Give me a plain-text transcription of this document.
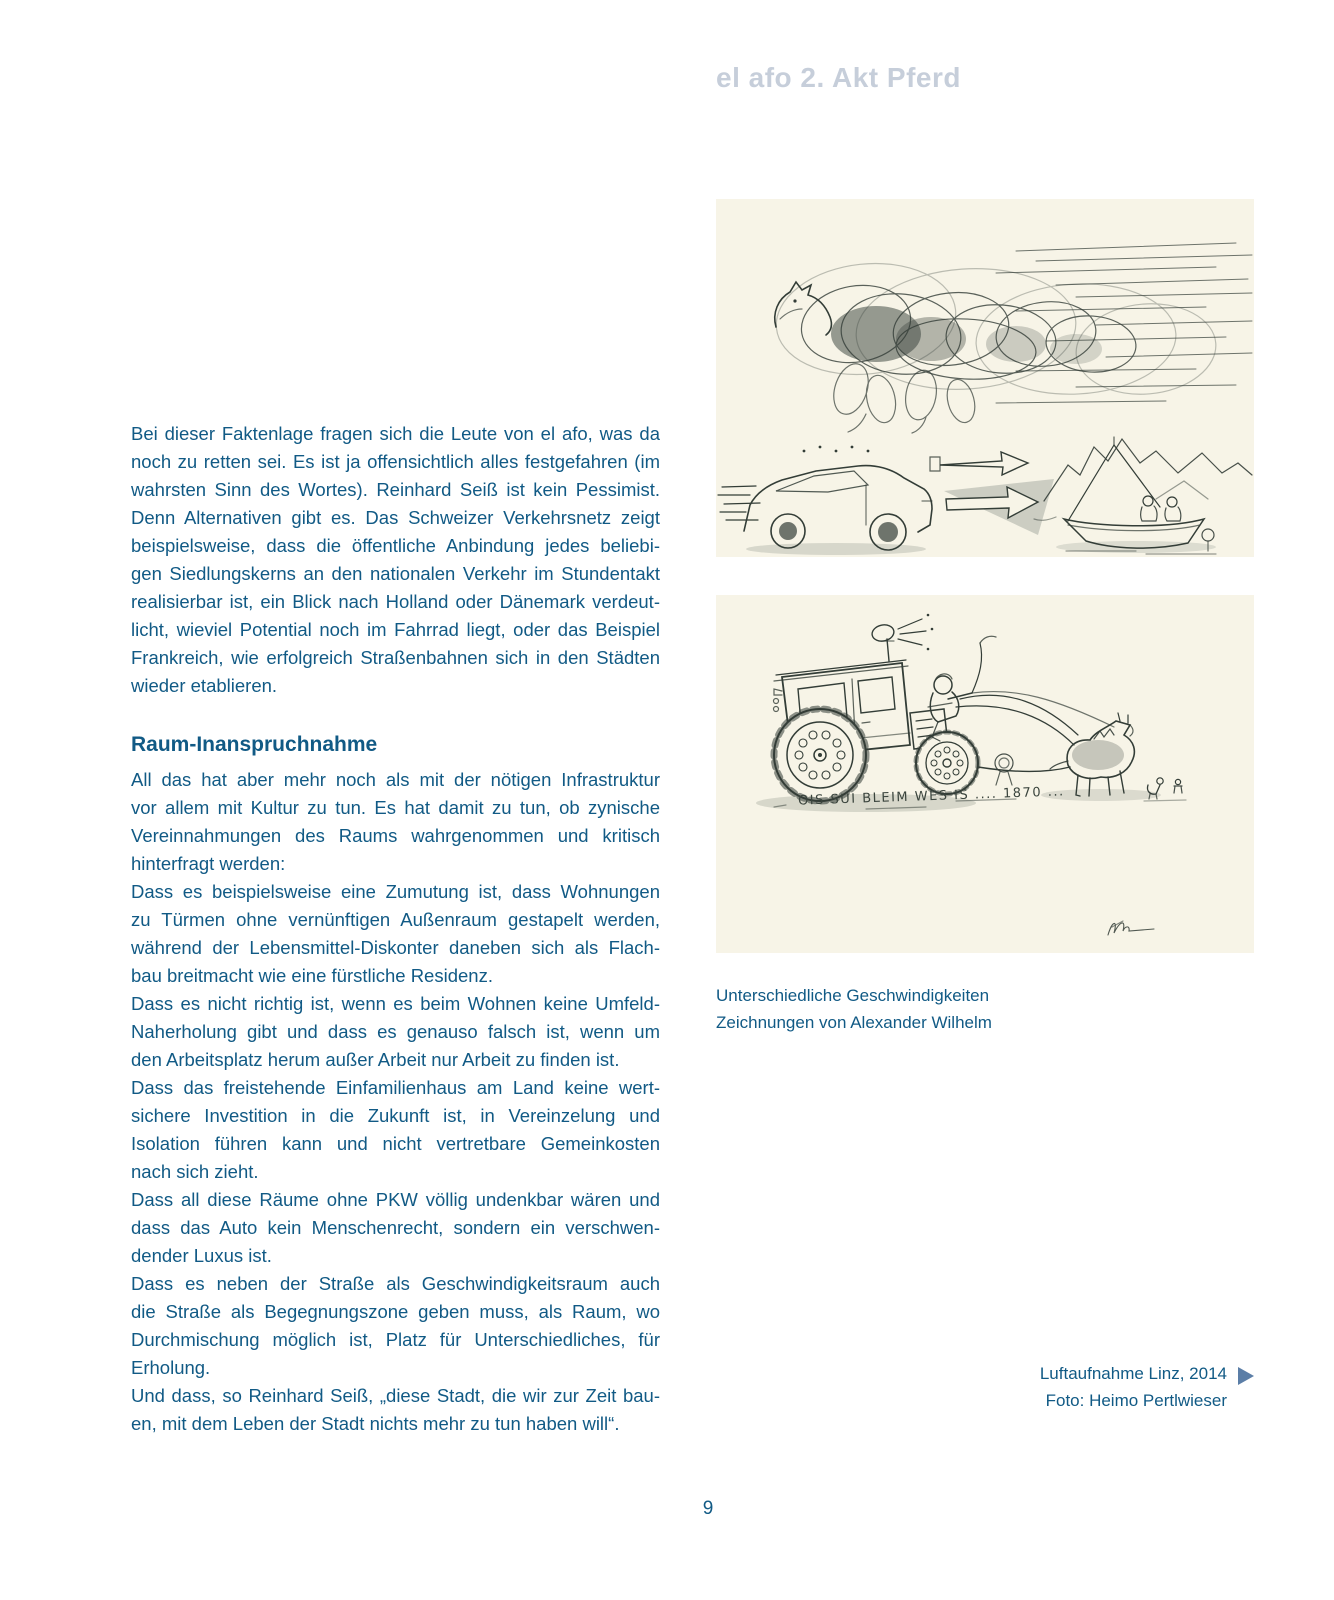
el afo 2. Akt Pferd
Bei dieser Faktenlage fragen sich die Leute von el afo, was da
noch zu retten sei. Es ist ja offensichtlich alles festgefahren (im
wahrsten Sinn des Wortes). Reinhard Seiß ist kein Pessimist.
Denn Alternativen gibt es. Das Schweizer Verkehrsnetz zeigt
beispielsweise, dass die öffentliche Anbindung jedes beliebi-
gen Siedlungskerns an den nationalen Verkehr im Stundentakt
realisierbar ist, ein Blick nach Holland oder Dänemark verdeut-
licht, wieviel Potential noch im Fahrrad liegt, oder das Beispiel
Frankreich, wie erfolgreich Straßenbahnen sich in den Städten
wieder etablieren.
Raum-Inanspruchnahme
All das hat aber mehr noch als mit der nötigen Infrastruktur
vor allem mit Kultur zu tun. Es hat damit zu tun, ob zynische
Vereinnahmungen des Raums wahrgenommen und kritisch
hinterfragt werden:
Dass es beispielsweise eine Zumutung ist, dass Wohnungen
zu Türmen ohne vernünftigen Außenraum gestapelt werden,
während der Lebensmittel-Diskonter daneben sich als Flach-
bau breitmacht wie eine fürstliche Residenz.
Dass es nicht richtig ist, wenn es beim Wohnen keine Umfeld-
Naherholung gibt und dass es genauso falsch ist, wenn um
den Arbeitsplatz herum außer Arbeit nur Arbeit zu finden ist.
Dass das freistehende Einfamilienhaus am Land keine wert-
sichere Investition in die Zukunft ist, in Vereinzelung und
Isolation führen kann und nicht vertretbare Gemeinkosten
nach sich zieht.
Dass all diese Räume ohne PKW völlig undenkbar wären und
dass das Auto kein Menschenrecht, sondern ein verschwen-
dender Luxus ist.
Dass es neben der Straße als Geschwindigkeitsraum auch
die Straße als Begegnungszone geben muss, als Raum, wo
Durchmischung möglich ist, Platz für Unterschiedliches, für
Erholung.
Und dass, so Reinhard Seiß, „diese Stadt, die wir zur Zeit bau-
en, mit dem Leben der Stadt nichts mehr zu tun haben will“.
OIS SUI BLEIM WES IS .... 1870 ...
Unterschiedliche Geschwindigkeiten
Zeichnungen von Alexander Wilhelm
Luftaufnahme Linz, 2014
Foto: Heimo Pertlwieser
9
